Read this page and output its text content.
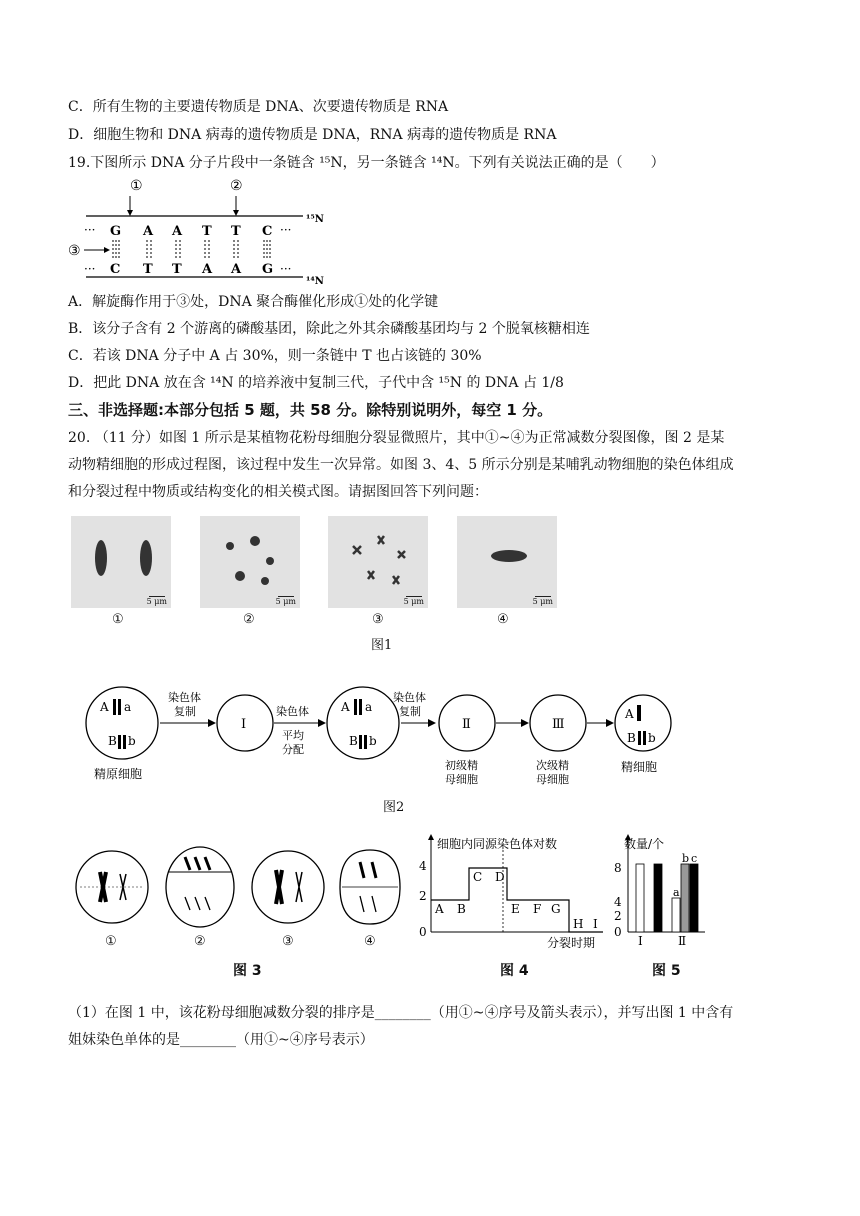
C．所有生物的主要遗传物质是 DNA、次要遗传物质是 RNA
D．细胞生物和 DNA 病毒的遗传物质是 DNA，RNA 病毒的遗传物质是 RNA
19.下图所示 DNA 分子片段中一条链含 ¹⁵N，另一条链含 ¹⁴N。下列有关说法正确的是（　　）
①	②
¹⁵N
¹⁴N
···	···
···	···
G A A T T C
C T T A A G
③
A．解旋酶作用于③处，DNA 聚合酶催化形成①处的化学键
B．该分子含有 2 个游离的磷酸基团，除此之外其余磷酸基团均与 2 个脱氧核糖相连
C．若该 DNA 分子中 A 占 30%，则一条链中 T 也占该链的 30%
D．把此 DNA 放在含 ¹⁴N 的培养液中复制三代，子代中含 ¹⁵N 的 DNA 占 1/8
三、非选择题:本部分包括 5 题，共 58 分。除特别说明外，每空 1 分。
20. （11 分）如图 1 所示是某植物花粉母细胞分裂显微照片，其中①~④为正常减数分裂图像，图 2 是某
动物精细胞的形成过程图，该过程中发生一次异常。如图 3、4、5 所示分别是某哺乳动物细胞的染色体组成
和分裂过程中物质或结构变化的相关模式图。请据图回答下列问题：
5 μm	5 μm	5 μm	5 μm
①	②	③	④
图1
A a
B b
精原细胞
染色体
复制
I
染色体
平均
分配
A a
B b
染色体
复制
Ⅱ
初级精
母细胞
Ⅲ
次级精
母细胞
A
B b
精细胞
图2
①	②	③	④
图 3
细胞内同源染色体对数
分裂时期
4
2
0
A B
C D
E F G
H I
图 4
数量/个
8
4
2
0
a
b c
I	Ⅱ
图 5
（1）在图 1 中，该花粉母细胞减数分裂的排序是________（用①~④序号及箭头表示），并写出图 1 中含有
姐妹染色单体的是________（用①~④序号表示）
